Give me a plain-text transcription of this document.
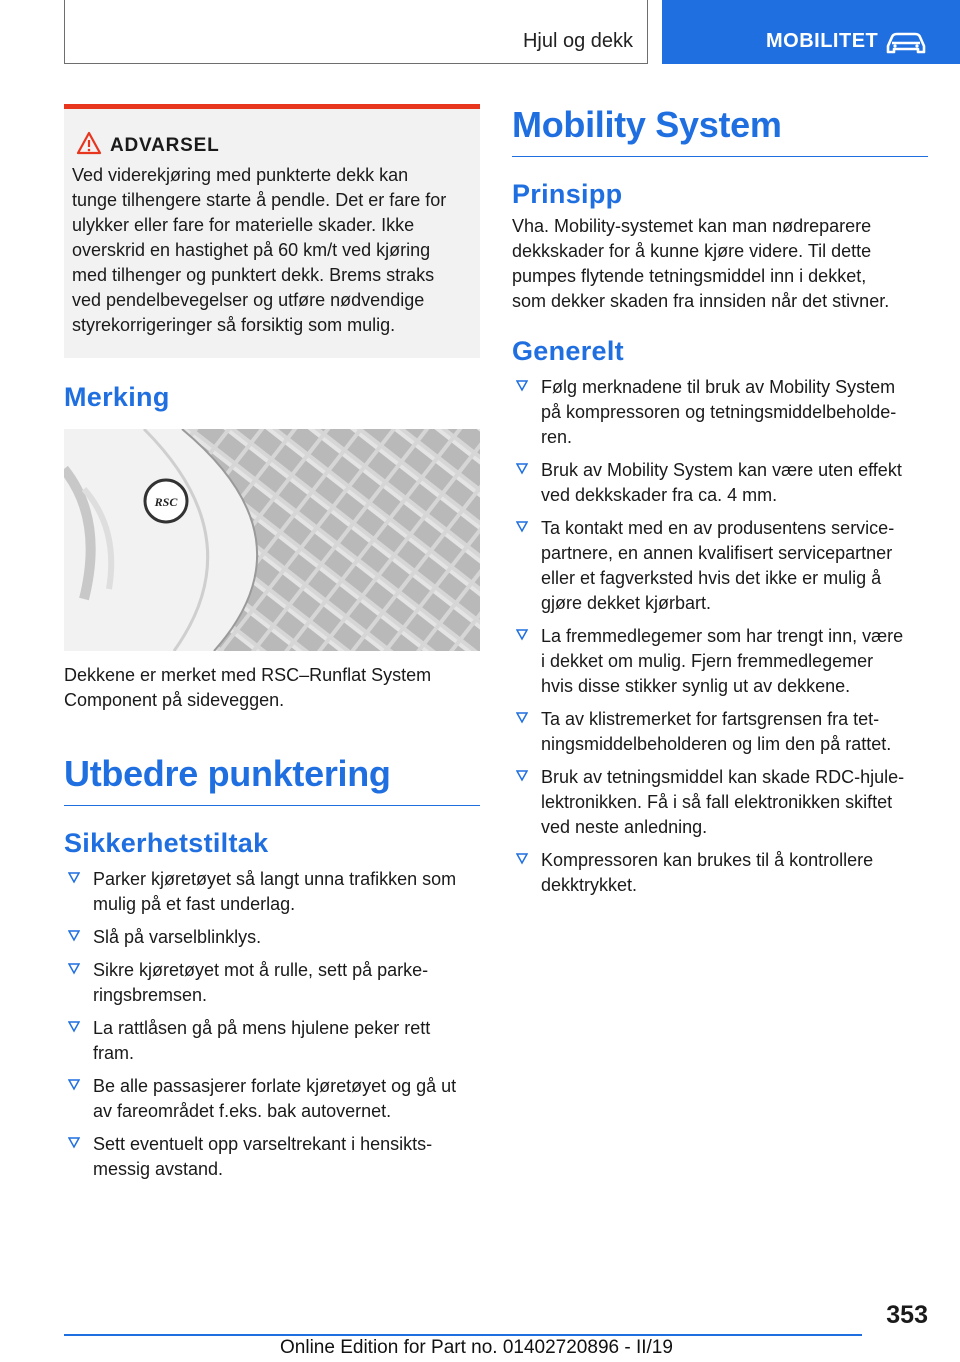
Hjul og dekk	MOBILITET
ADVARSEL
Ved viderekjøring med punkterte dekk kan
tunge tilhengere starte å pendle. Det er fare for
ulykker eller fare for materielle skader. Ikke
overskrid en hastighet på 60 km/t ved kjøring
med tilhenger og punktert dekk. Brems straks
ved pendelbevegelser og utføre nødvendige
styrekorrigeringer så forsiktig som mulig.
Merking
RSC

Dekkene er merket med RSC–Runflat System
Component på sideveggen.

Utbedre punktering
Sikkerhetstiltak
Parker kjøretøyet så langt unna trafikken som
mulig på et fast underlag.
Slå på varselblinklys.
Sikre kjøretøyet mot å rulle, sett på parke-
ringsbremsen.
La rattlåsen gå på mens hjulene peker rett
fram.
Be alle passasjerer forlate kjøretøyet og gå ut
av fareområdet f.eks. bak autovernet.
Sett eventuelt opp varseltrekant i hensikts-
messig avstand.
Mobility System
Prinsipp

Vha. Mobility-systemet kan man nødreparere
dekkskader for å kunne kjøre videre. Til dette
pumpes flytende tetningsmiddel inn i dekket,
som dekker skaden fra innsiden når det stivner.

Generelt
Følg merknadene til bruk av Mobility System
på kompressoren og tetningsmiddelbeholde-
ren.
Bruk av Mobility System kan være uten effekt
ved dekkskader fra ca. 4 mm.
Ta kontakt med en av produsentens service-
partnere, en annen kvalifisert servicepartner
eller et fagverksted hvis det ikke er mulig å
gjøre dekket kjørbart.
La fremmedlegemer som har trengt inn, være
i dekket om mulig. Fjern fremmedlegemer
hvis disse stikker synlig ut av dekkene.
Ta av klistremerket for fartsgrensen fra tet-
ningsmiddelbeholderen og lim den på rattet.
Bruk av tetningsmiddel kan skade RDC-hjule-
lektronikken. Få i så fall elektronikken skiftet
ved neste anledning.
Kompressoren kan brukes til å kontrollere
dekktrykket.
353
Online Edition for Part no. 01402720896 - II/19
